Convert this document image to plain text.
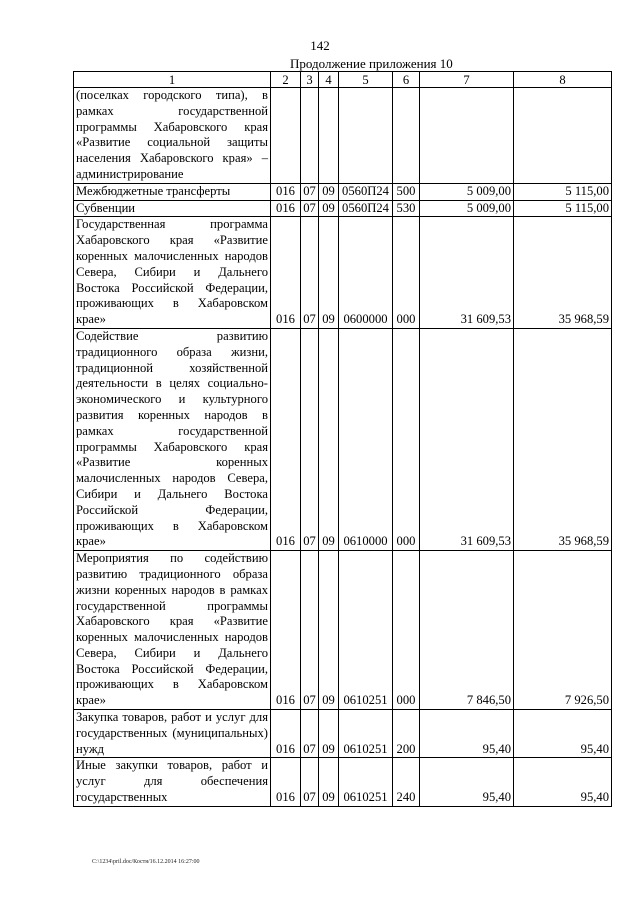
142
Продолжение приложения 10
1	2	3	4	5	6	7	8
(поселках городского типа), в рамках государственной программы Хабаровского края «Развитие социальной защиты населения Хабаровского края» – администрирование							
Межбюджетные трансферты	016	07	09	0560П24	500	5 009,00	5 115,00
Субвенции	016	07	09	0560П24	530	5 009,00	5 115,00
Государственная программа Хабаровского края «Развитие коренных малочисленных народов Севера, Сибири и Дальнего Востока Российской Федерации, проживающих в Хабаровском крае»	016	07	09	0600000	000	31 609,53	35 968,59
Содействие развитию традиционного образа жизни, традиционной хозяйственной деятельности в целях социально-экономического и культурного развития коренных народов в рамках государственной программы Хабаровского края «Развитие коренных малочисленных народов Севера, Сибири и Дальнего Востока Российской Федерации, проживающих в Хабаровском крае»	016	07	09	0610000	000	31 609,53	35 968,59
Мероприятия по содействию развитию традиционного образа жизни коренных народов в рамках государственной программы Хабаровского края «Развитие коренных малочисленных народов Севера, Сибири и Дальнего Востока Российской Федерации, проживающих в Хабаровском крае»	016	07	09	0610251	000	7 846,50	7 926,50
Закупка товаров, работ и услуг для государственных (муниципальных) нужд	016	07	09	0610251	200	95,40	95,40
Иные закупки товаров, работ и услуг для обеспечения государственных	016	07	09	0610251	240	95,40	95,40
C:\1234\pril.doc/Костя/16.12.2014 16:27:00
